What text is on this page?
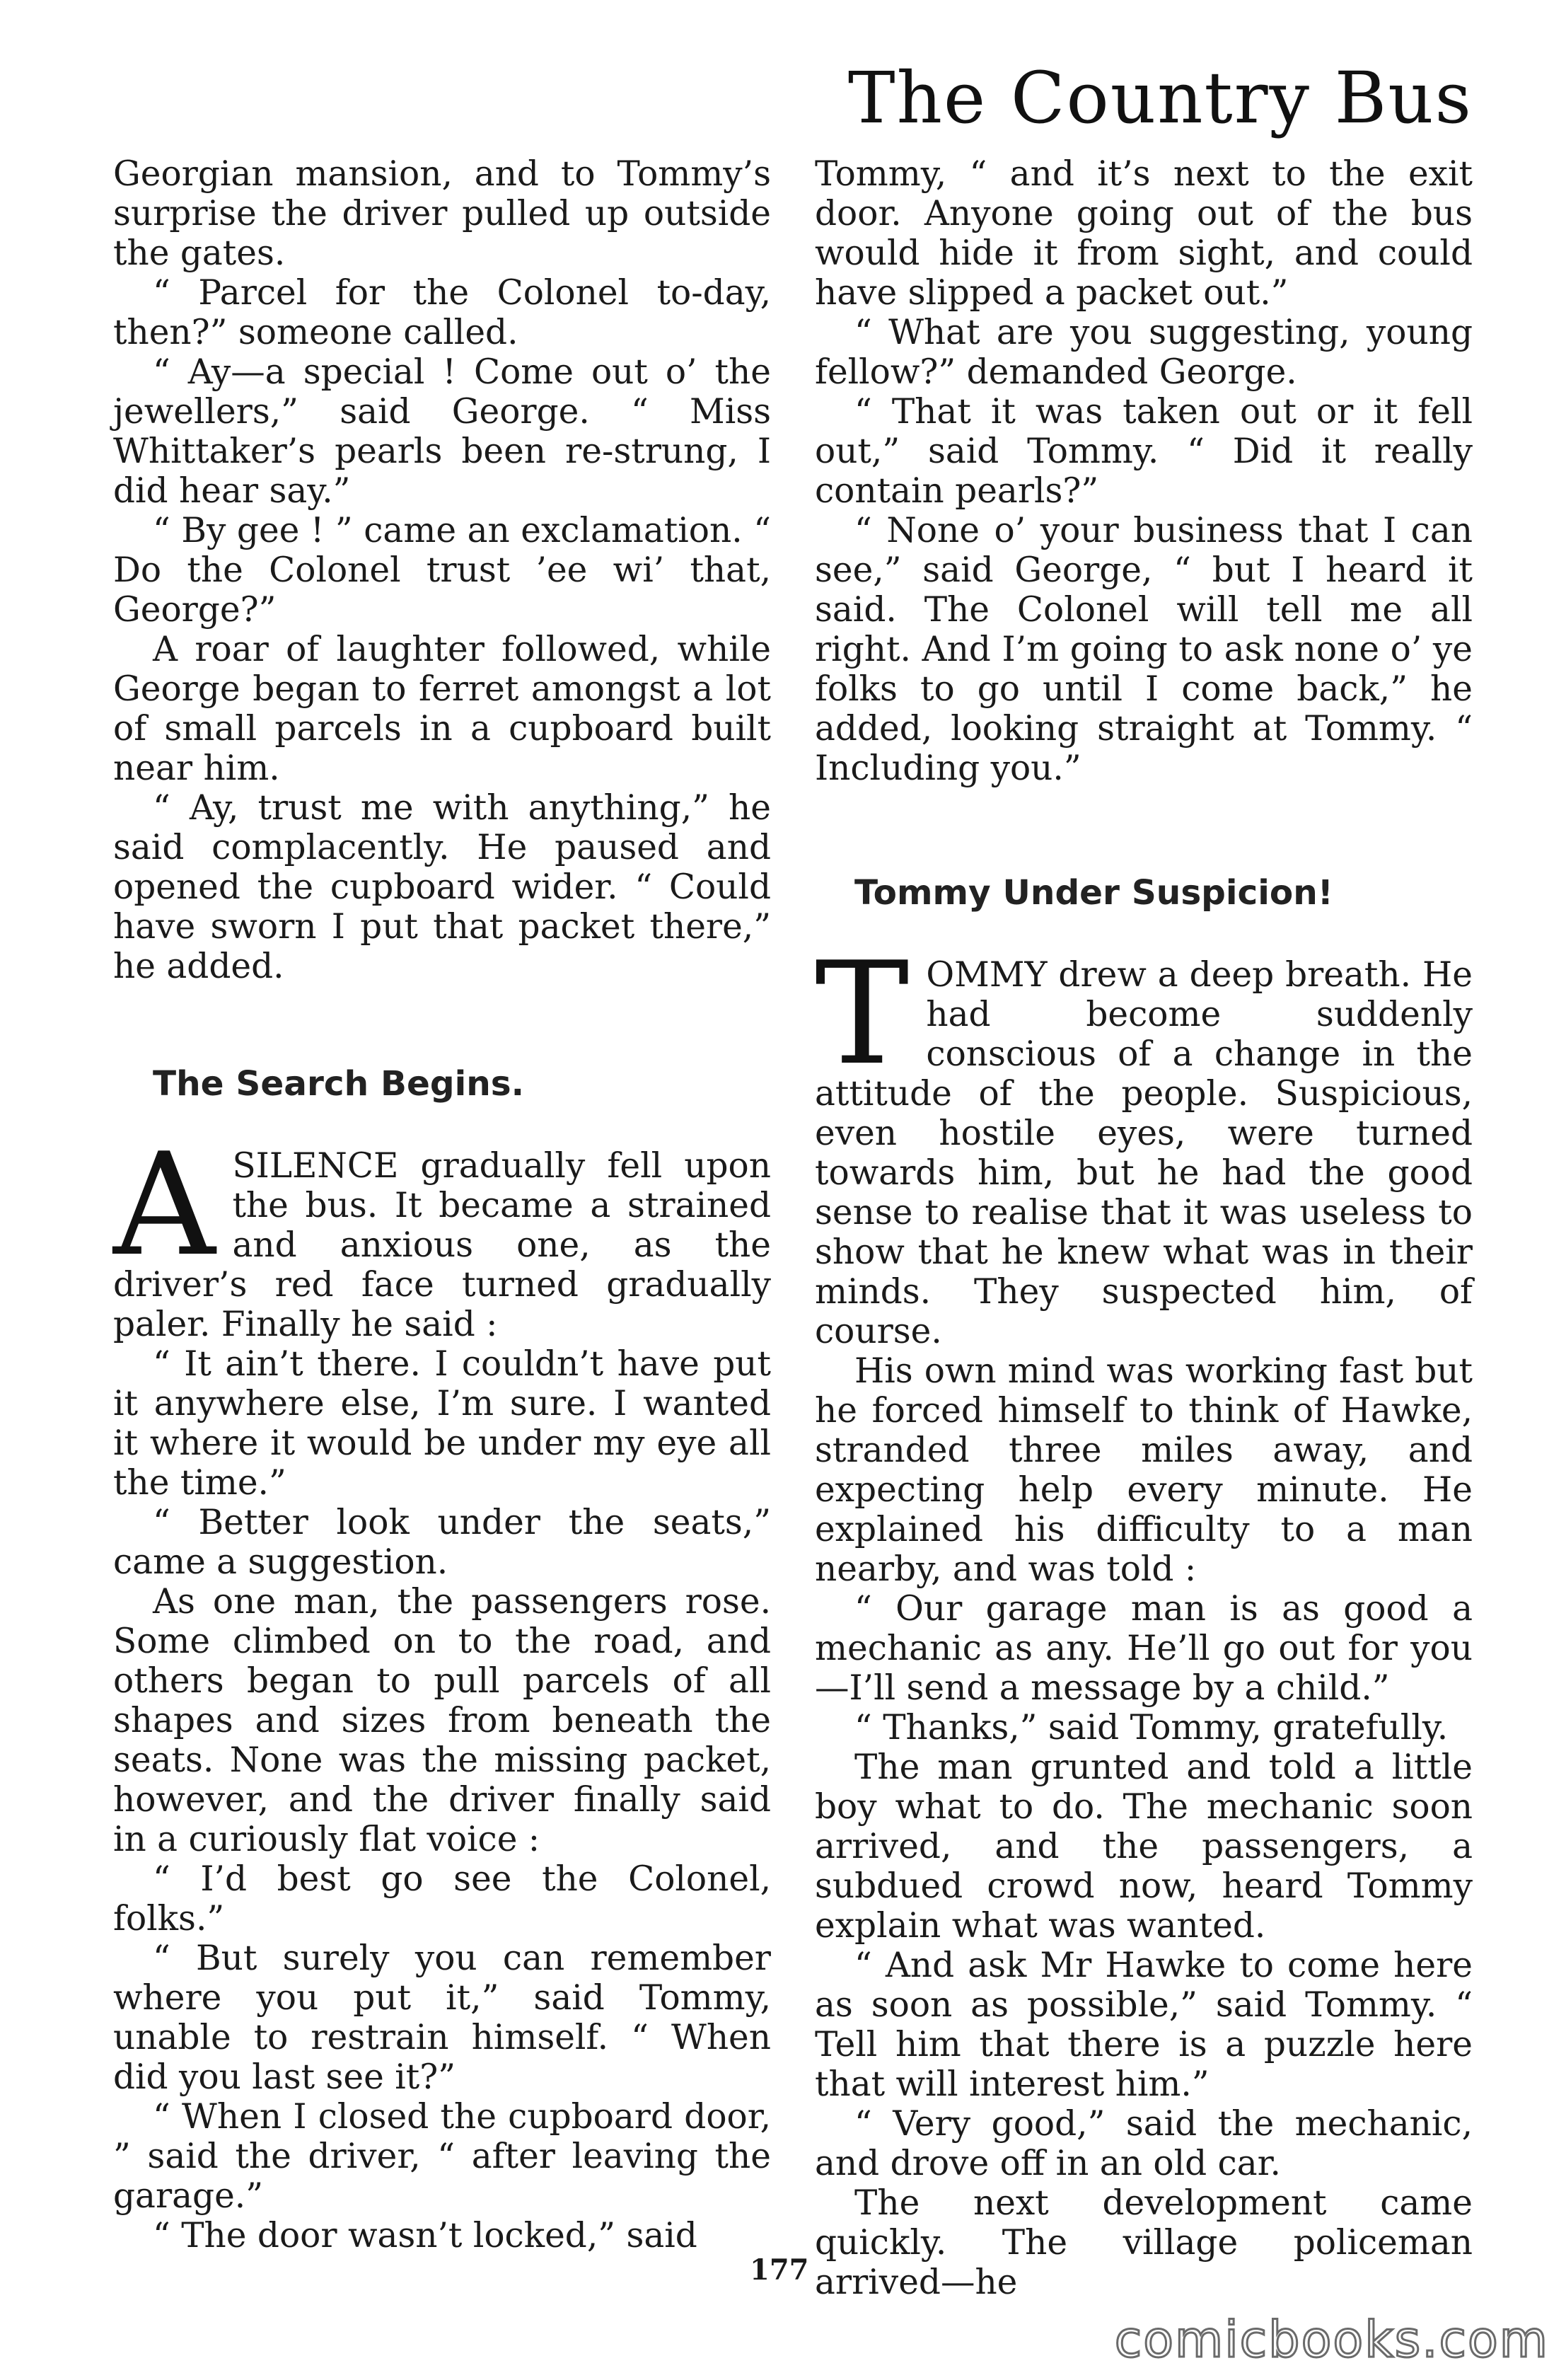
The Country Bus

Georgian mansion, and to Tommy’s surprise the driver pulled up outside the gates.

“ Parcel for the Colonel to-day, then?” someone called.

“ Ay—a special ! Come out o’ the jewellers,” said George. “ Miss Whittaker’s pearls been re-strung, I did hear say.”

“ By gee ! ” came an exclamation. “ Do the Colonel trust ’ee wi’ that, George?”

A roar of laughter followed, while George began to ferret amongst a lot of small parcels in a cupboard built near him.

“ Ay, trust me with anything,” he said complacently. He paused and opened the cupboard wider. “ Could have sworn I put that packet there,” he added.

The Search Begins.

ASILENCE gradually fell upon the bus. It became a strained and anxious one, as the driver’s red face turned gradually paler. Finally he said :

“ It ain’t there. I couldn’t have put it anywhere else, I’m sure. I wanted it where it would be under my eye all the time.”

“ Better look under the seats,” came a suggestion.

As one man, the passengers rose. Some climbed on to the road, and others began to pull parcels of all shapes and sizes from beneath the seats. None was the missing packet, however, and the driver finally said in a curiously flat voice :

“ I’d best go see the Colonel, folks.”

“ But surely you can remember where you put it,” said Tommy, unable to restrain himself. “ When did you last see it?”

“ When I closed the cupboard door, ” said the driver, “ after leaving the garage.”

“ The door wasn’t locked,” said

Tommy, “ and it’s next to the exit door. Anyone going out of the bus would hide it from sight, and could have slipped a packet out.”

“ What are you suggesting, young fellow?” demanded George.

“ That it was taken out or it fell out,” said Tommy. “ Did it really contain pearls?”

“ None o’ your business that I can see,” said George, “ but I heard it said. The Colonel will tell me all right. And I’m going to ask none o’ ye folks to go until I come back,” he added, looking straight at Tommy. “ Including you.”

Tommy Under Suspicion!

TOMMY drew a deep breath. He had become suddenly conscious of a change in the attitude of the people. Suspicious, even hostile eyes, were turned towards him, but he had the good sense to realise that it was useless to show that he knew what was in their minds. They suspected him, of course.

His own mind was working fast but he forced himself to think of Hawke, stranded three miles away, and expecting help every minute. He explained his difficulty to a man nearby, and was told :

“ Our garage man is as good a mechanic as any. He’ll go out for you—I’ll send a message by a child.”

“ Thanks,” said Tommy, gratefully.

The man grunted and told a little boy what to do. The mechanic soon arrived, and the passengers, a subdued crowd now, heard Tommy explain what was wanted.

“ And ask Mr Hawke to come here as soon as possible,” said Tommy. “ Tell him that there is a puzzle here that will interest him.”

“ Very good,” said the mechanic, and drove off in an old car.

The next development came quickly. The village policeman arrived—he

177
comicbooks.com
